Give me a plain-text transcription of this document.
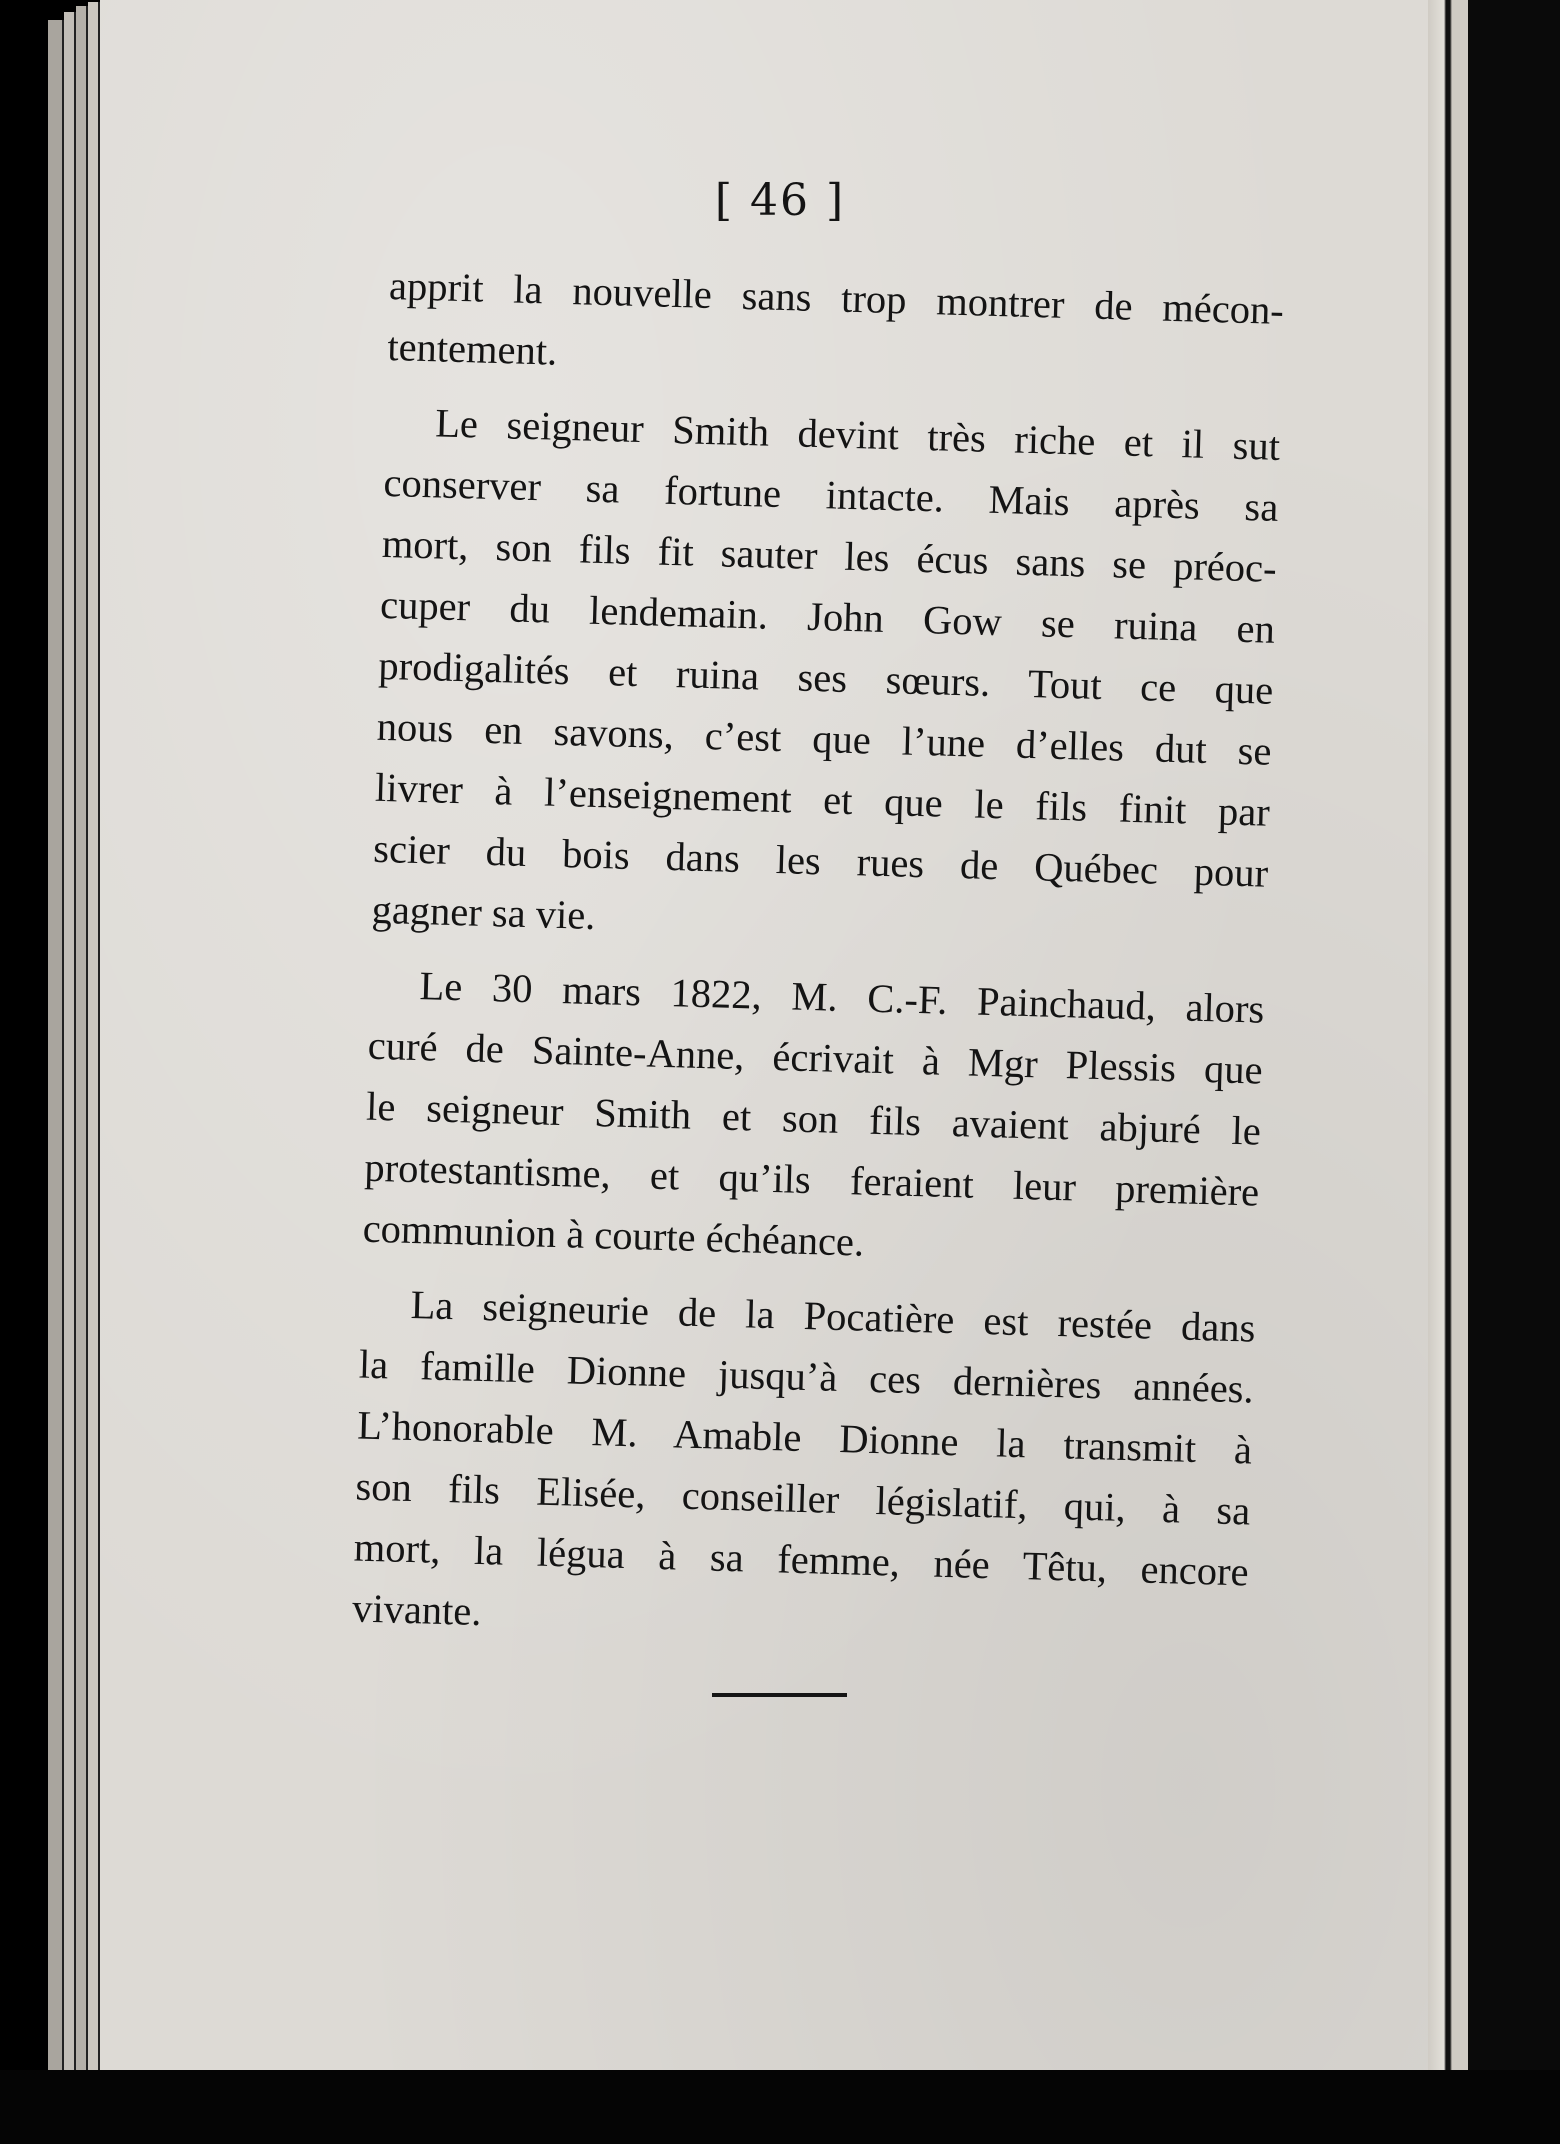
[ 46 ]
apprit la nouvelle sans trop montrer de mécon-
tentement.
Le seigneur Smith devint très riche et il sut
conserver sa fortune intacte. Mais après sa
mort, son fils fit sauter les écus sans se préoc-
cuper du lendemain. John Gow se ruina en
prodigalités et ruina ses sœurs. Tout ce que
nous en savons, c’est que l’une d’elles dut se
livrer à l’enseignement et que le fils finit par
scier du bois dans les rues de Québec pour
gagner sa vie.
Le 30 mars 1822, M. C.-F. Painchaud, alors
curé de Sainte-Anne, écrivait à Mgr Plessis que
le seigneur Smith et son fils avaient abjuré le
protestantisme, et qu’ils feraient leur première
communion à courte échéance.
La seigneurie de la Pocatière est restée dans
la famille Dionne jusqu’à ces dernières années.
L’honorable M. Amable Dionne la transmit à
son fils Elisée, conseiller législatif, qui, à sa
mort, la légua à sa femme, née Têtu, encore
vivante.
